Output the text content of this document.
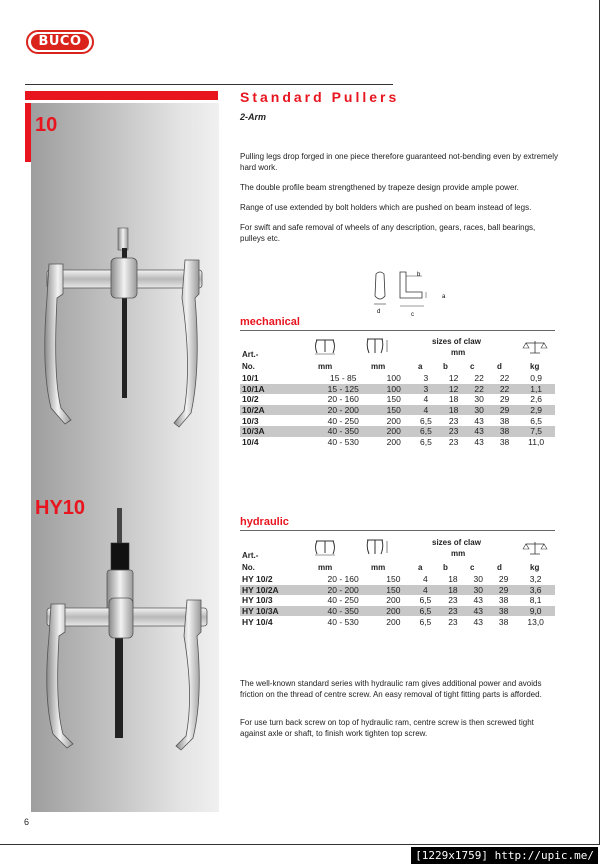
BUCO
10
HY10
Standard Pullers
2-Arm
Pulling legs drop forged in one piece therefore guaranteed not-bending even by extremely hard work.
The double profile beam strengthened by trapeze design provide ample power.
Range of use extended by bolt holders which are pushed on beam instead of legs.
For swift and safe removal of wheels of any description, gears, races, ball bearings, pulleys etc.
d
b
a
c
mechanical
Art.-
No.	mm	mm
sizes of claw
mm
a	b	c	d	kg
10/1	15 - 85	100	3	12	22	22	0,9
10/1A	15 - 125	100	3	12	22	22	1,1
10/2	20 - 160	150	4	18	30	29	2,6
10/2A	20 - 200	150	4	18	30	29	2,9
10/3	40 - 250	200	6,5	23	43	38	6,5
10/3A	40 - 350	200	6,5	23	43	38	7,5
10/4	40 - 530	200	6,5	23	43	38	11,0
hydraulic
Art.-
No.	mm	mm
sizes of claw
mm
a	b	c	d	kg
HY 10/2	20 - 160	150	4	18	30	29	3,2
HY 10/2A	20 - 200	150	4	18	30	29	3,6
HY 10/3	40 - 250	200	6,5	23	43	38	8,1
HY 10/3A	40 - 350	200	6,5	23	43	38	9,0
HY 10/4	40 - 530	200	6,5	23	43	38	13,0
The well-known standard series with hydraulic ram gives additional power and avoids friction on the thread of centre screw. An easy removal of tight fitting parts is afforded.
For use turn back screw on top of hydraulic ram, centre screw is then screwed tight against axle or shaft, to finish work tighten top screw.
6
[1229x1759] http://upic.me/
